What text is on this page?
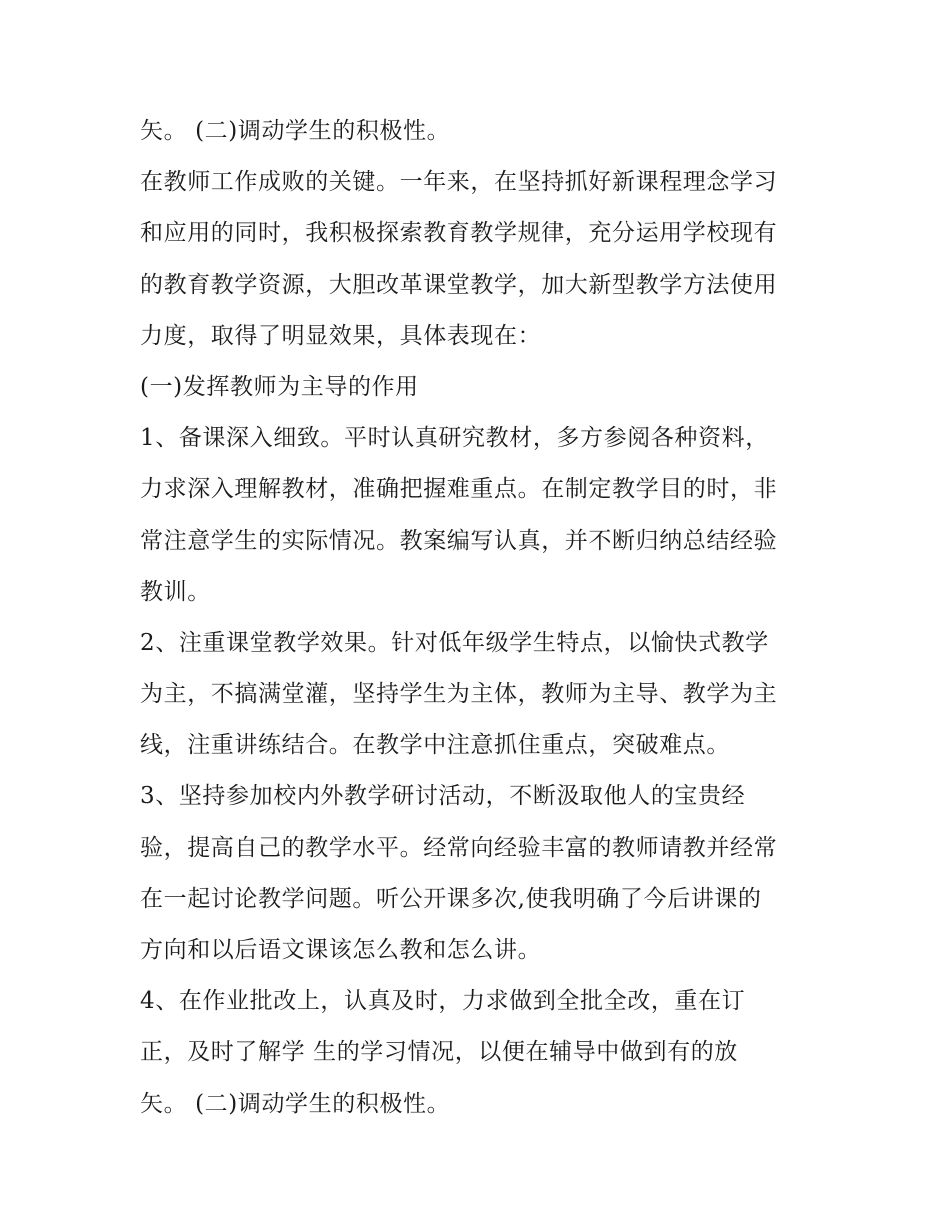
矢。 (二)调动学生的积极性。
在教师工作成败的关键。一年来，在坚持抓好新课程理念学习
和应用的同时，我积极探索教育教学规律，充分运用学校现有
的教育教学资源，大胆改革课堂教学，加大新型教学方法使用
力度，取得了明显效果，具体表现在：
(一)发挥教师为主导的作用
1、备课深入细致。平时认真研究教材，多方参阅各种资料，
力求深入理解教材，准确把握难重点。在制定教学目的时，非
常注意学生的实际情况。教案编写认真，并不断归纳总结经验
教训。
2、注重课堂教学效果。针对低年级学生特点，以愉快式教学
为主，不搞满堂灌，坚持学生为主体，教师为主导、教学为主
线，注重讲练结合。在教学中注意抓住重点，突破难点。
3、坚持参加校内外教学研讨活动，不断汲取他人的宝贵经
验，提高自己的教学水平。经常向经验丰富的教师请教并经常
在一起讨论教学问题。听公开课多次,使我明确了今后讲课的
方向和以后语文课该怎么教和怎么讲。
4、在作业批改上，认真及时，力求做到全批全改，重在订
正，及时了解学 生的学习情况，以便在辅导中做到有的放
矢。 (二)调动学生的积极性。
